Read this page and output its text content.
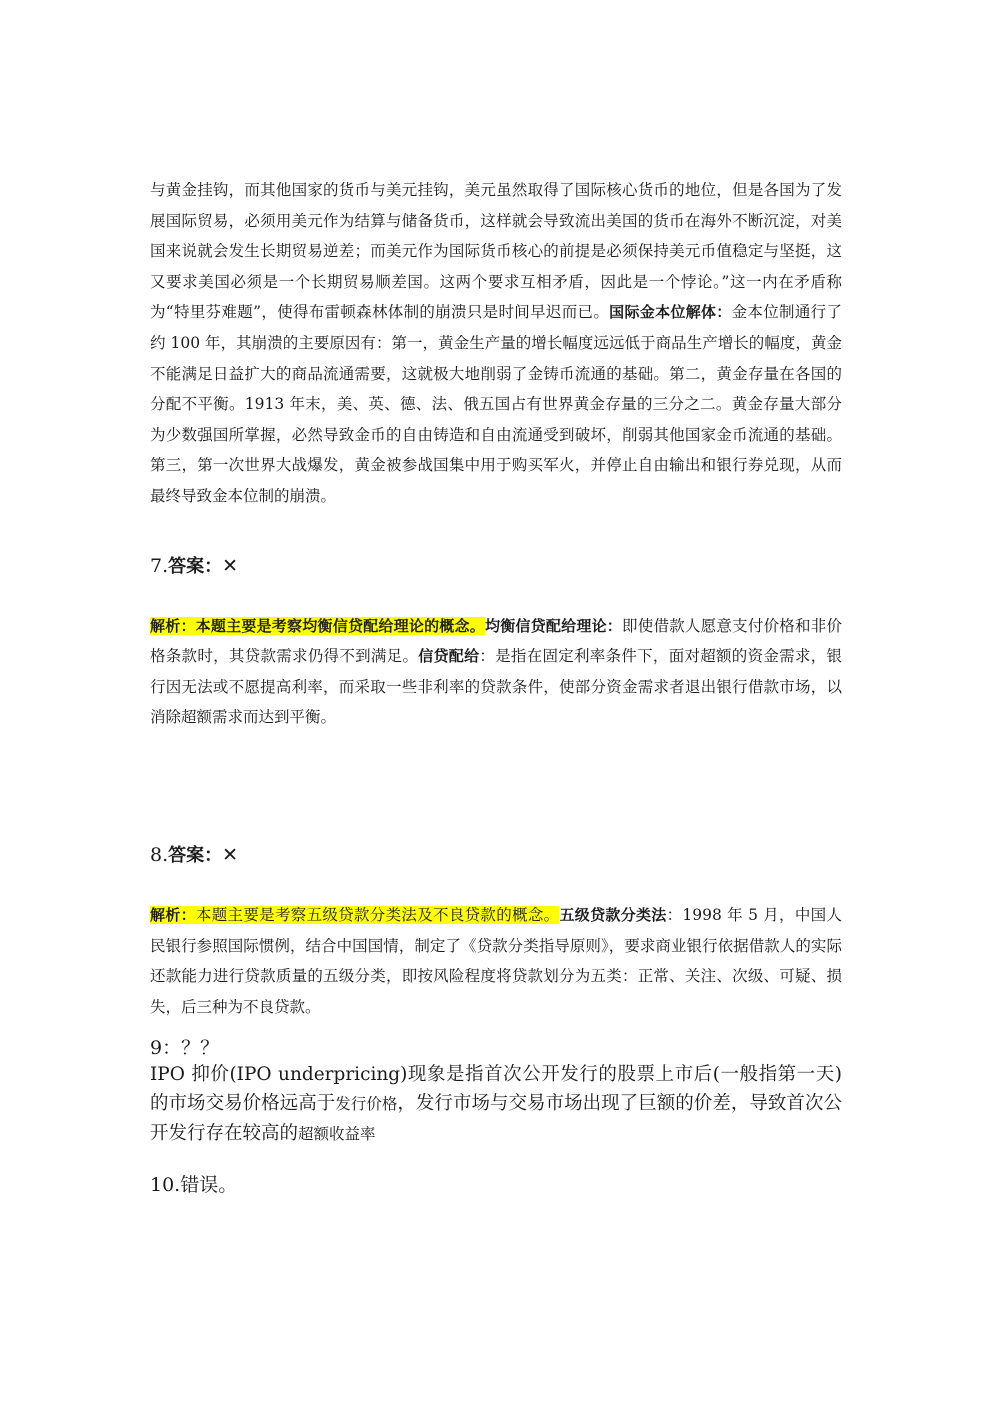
与黄金挂钩，而其他国家的货币与美元挂钩，美元虽然取得了国际核心货币的地位，但是各国为了发展国际贸易，必须用美元作为结算与储备货币，这样就会导致流出美国的货币在海外不断沉淀，对美国来说就会发生长期贸易逆差；而美元作为国际货币核心的前提是必须保持美元币值稳定与坚挺，这又要求美国必须是一个长期贸易顺差国。这两个要求互相矛盾，因此是一个悖论。”这一内在矛盾称为“特里芬难题”，使得布雷顿森林体制的崩溃只是时间早迟而已。国际金本位解体：金本位制通行了约 100 年，其崩溃的主要原因有：第一，黄金生产量的增长幅度远远低于商品生产增长的幅度，黄金不能满足日益扩大的商品流通需要，这就极大地削弱了金铸币流通的基础。第二，黄金存量在各国的分配不平衡。1913 年末，美、英、德、法、俄五国占有世界黄金存量的三分之二。黄金存量大部分为少数强国所掌握，必然导致金币的自由铸造和自由流通受到破坏，削弱其他国家金币流通的基础。第三，第一次世界大战爆发，黄金被参战国集中用于购买军火，并停止自由输出和银行券兑现，从而最终导致金本位制的崩溃。

7.答案：✕

解析：本题主要是考察均衡信贷配给理论的概念。均衡信贷配给理论：即使借款人愿意支付价格和非价格条款时，其贷款需求仍得不到满足。信贷配给：是指在固定利率条件下，面对超额的资金需求，银行因无法或不愿提高利率，而采取一些非利率的贷款条件，使部分资金需求者退出银行借款市场，以消除超额需求而达到平衡。

8.答案：✕

解析：本题主要是考察五级贷款分类法及不良贷款的概念。五级贷款分类法：1998 年 5 月，中国人民银行参照国际惯例，结合中国国情，制定了《贷款分类指导原则》，要求商业银行依据借款人的实际还款能力进行贷款质量的五级分类，即按风险程度将贷款划分为五类：正常、关注、次级、可疑、损失，后三种为不良贷款。

9：？？

IPO 抑价(IPO underpricing)现象是指首次公开发行的股票上市后(一般指第一天)的市场交易价格远高于发行价格，发行市场与交易市场出现了巨额的价差，导致首次公开发行存在较高的超额收益率

10.错误。
